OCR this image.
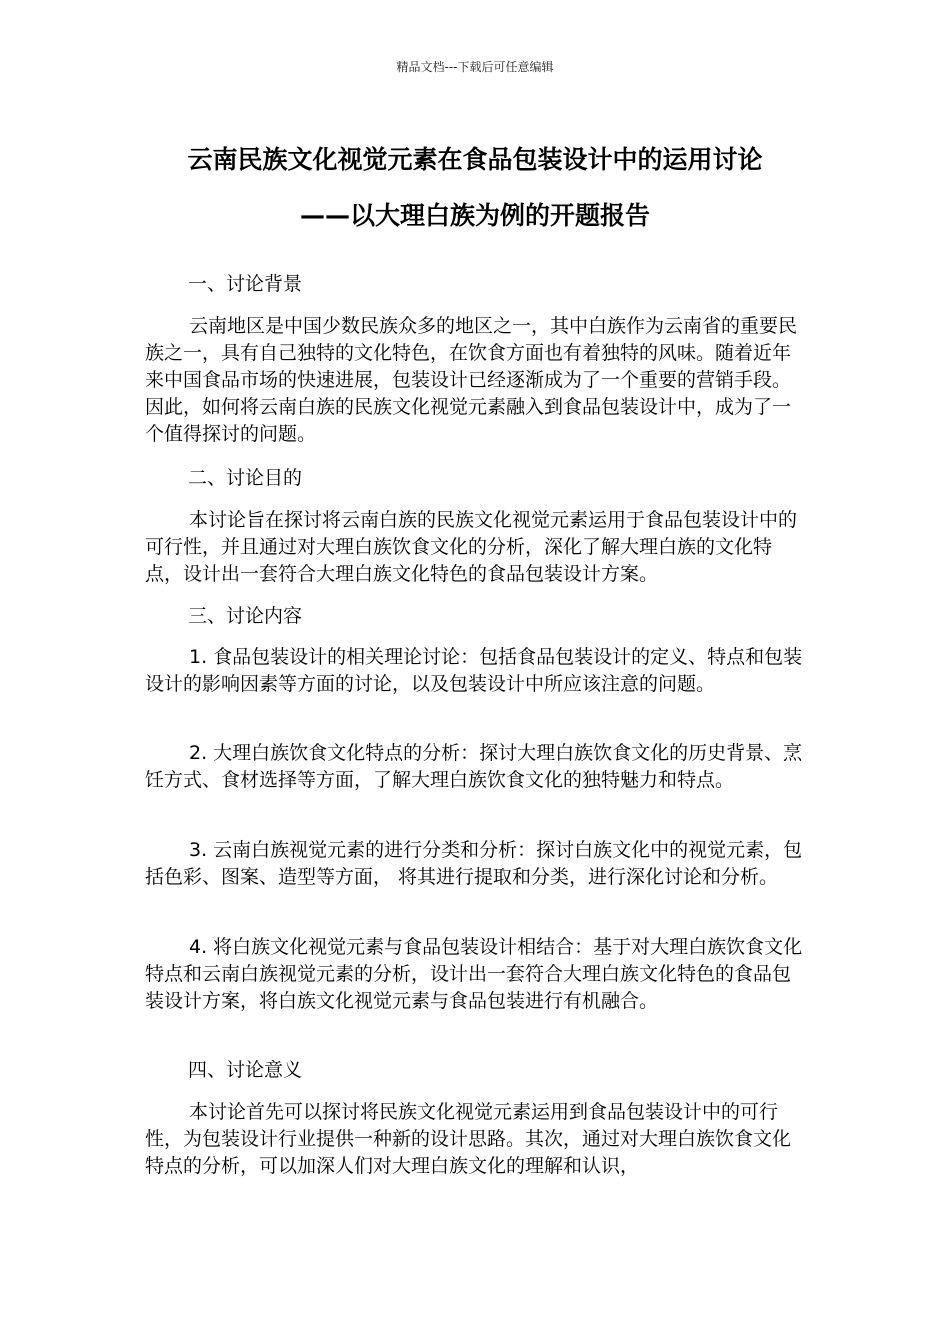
精品文档---下载后可任意编辑
云南民族文化视觉元素在食品包装设计中的运用讨论
——以大理白族为例的开题报告
一、讨论背景

云南地区是中国少数民族众多的地区之一，其中白族作为云南省的重要民族之一，具有自己独特的文化特色，在饮食方面也有着独特的风味。随着近年来中国食品市场的快速进展，包装设计已经逐渐成为了一个重要的营销手段。因此，如何将云南白族的民族文化视觉元素融入到食品包装设计中，成为了一个值得探讨的问题。

二、讨论目的

本讨论旨在探讨将云南白族的民族文化视觉元素运用于食品包装设计中的可行性，并且通过对大理白族饮食文化的分析，深化了解大理白族的文化特点，设计出一套符合大理白族文化特色的食品包装设计方案。

三、讨论内容

1. 食品包装设计的相关理论讨论：包括食品包装设计的定义、特点和包装设计的影响因素等方面的讨论，以及包装设计中所应该注意的问题。

2. 大理白族饮食文化特点的分析：探讨大理白族饮食文化的历史背景、烹饪方式、食材选择等方面，了解大理白族饮食文化的独特魅力和特点。

3. 云南白族视觉元素的进行分类和分析：探讨白族文化中的视觉元素，包括色彩、图案、造型等方面， 将其进行提取和分类，进行深化讨论和分析。

4. 将白族文化视觉元素与食品包装设计相结合：基于对大理白族饮食文化特点和云南白族视觉元素的分析，设计出一套符合大理白族文化特色的食品包装设计方案，将白族文化视觉元素与食品包装进行有机融合。

四、讨论意义

本讨论首先可以探讨将民族文化视觉元素运用到食品包装设计中的可行性，为包装设计行业提供一种新的设计思路。其次，通过对大理白族饮食文化特点的分析，可以加深人们对大理白族文化的理解和认识，
